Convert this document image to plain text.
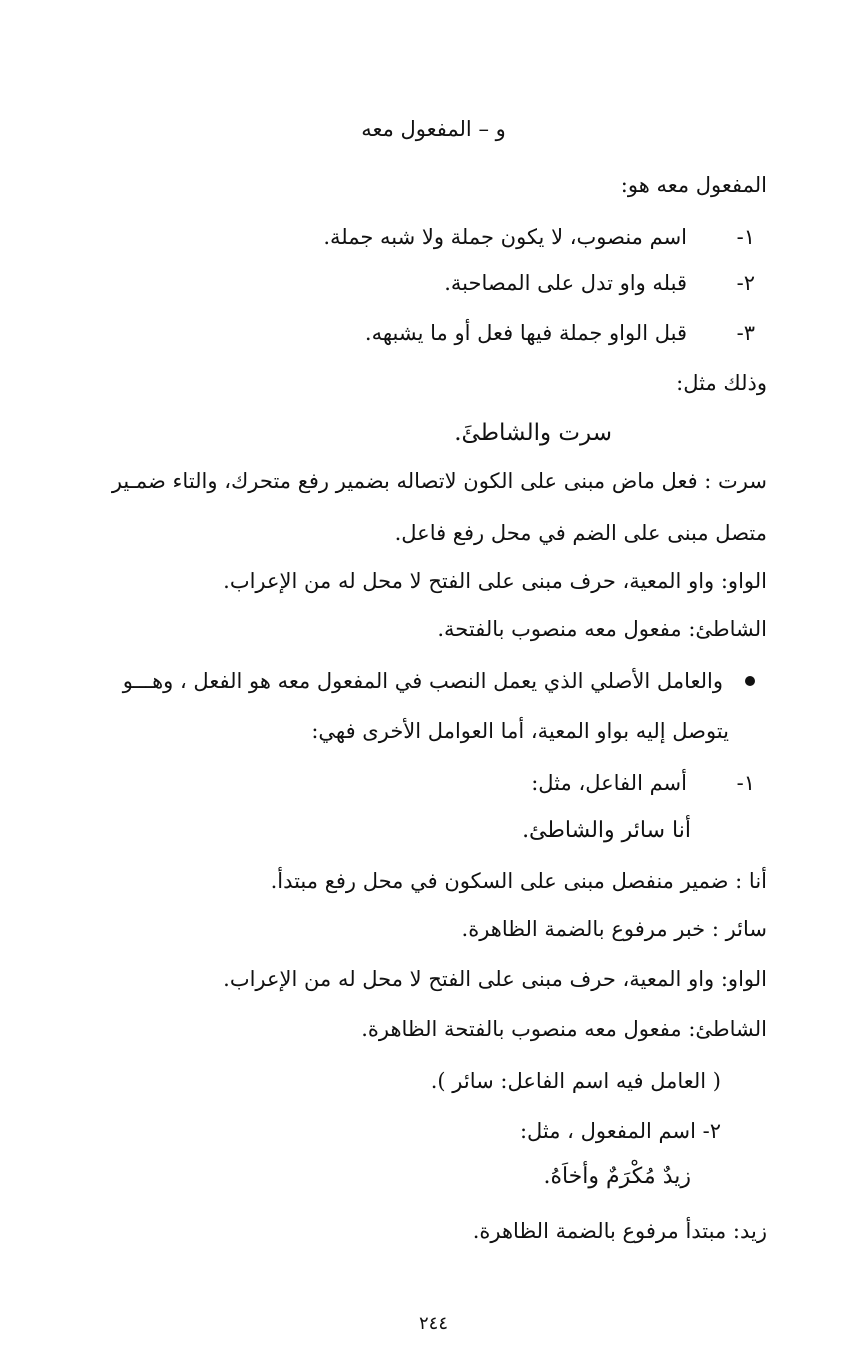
و – المفعول معه
المفعول معه هو:
١-اسم منصوب، لا يكون جملة ولا شبه جملة.
٢-قبله واو تدل على المصاحبة.
٣-قبل الواو جملة فيها فعل أو ما يشبهه.
وذلك مثل:
سرت والشاطئَ.
سرت : فعل ماض مبنى على الكون لاتصاله بضمير رفع متحرك، والتاء ضمـير
متصل مبنى على الضم في محل رفع فاعل.
الواو: واو المعية، حرف مبنى على الفتح لا محل له من الإعراب.
الشاطئ: مفعول معه منصوب بالفتحة.
والعامل الأصلي الذي يعمل النصب في المفعول معه هو الفعل ، وهـــو
يتوصل إليه بواو المعية، أما العوامل الأخرى فهي:
١-أسم الفاعل، مثل:
أنا سائر والشاطئ.
أنا : ضمير منفصل مبنى على السكون في محل رفع مبتدأ.
سائر : خبر مرفوع بالضمة الظاهرة.
الواو: واو المعية، حرف مبنى على الفتح لا محل له من الإعراب.
الشاطئ: مفعول معه منصوب بالفتحة الظاهرة.
( العامل فيه اسم الفاعل: سائر ).
٢- اسم المفعول ، مثل:
زيدٌ مُكْرَمٌ وأخاَهُ.
زيد: مبتدأ مرفوع بالضمة الظاهرة.
٢٤٤
